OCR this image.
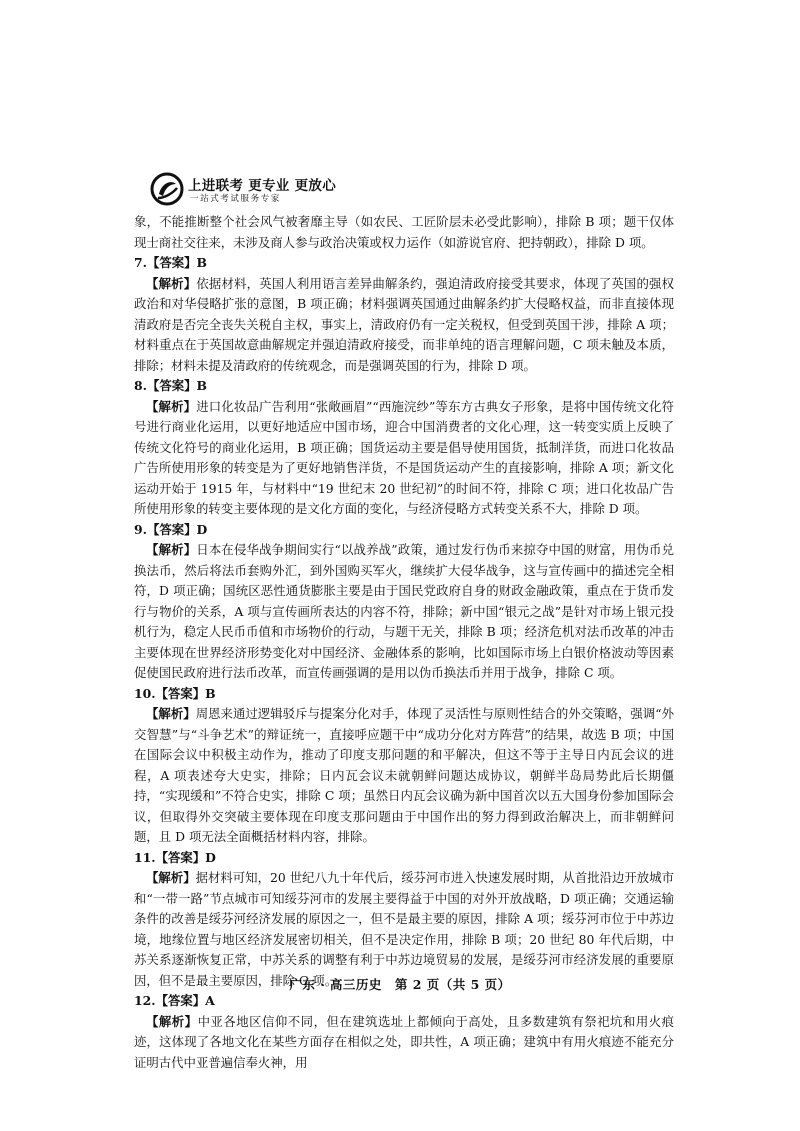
上进联考 更专业 更放心
一站式考试服务专家

象，不能推断整个社会风气被奢靡主导（如农民、工匠阶层未必受此影响），排除 B 项；题干仅体现士商社交往来，未涉及商人参与政治决策或权力运作（如游说官府、把持朝政），排除 D 项。

7.【答案】B

【解析】依据材料，英国人利用语言差异曲解条约，强迫清政府接受其要求，体现了英国的强权政治和对华侵略扩张的意图，B 项正确；材料强调英国通过曲解条约扩大侵略权益，而非直接体现清政府是否完全丧失关税自主权，事实上，清政府仍有一定关税权，但受到英国干涉，排除 A 项；材料重点在于英国故意曲解规定并强迫清政府接受，而非单纯的语言理解问题，C 项未触及本质，排除；材料未提及清政府的传统观念，而是强调英国的行为，排除 D 项。

8.【答案】B

【解析】进口化妆品广告利用“张敞画眉”“西施浣纱”等东方古典女子形象，是将中国传统文化符号进行商业化运用，以更好地适应中国市场，迎合中国消费者的文化心理，这一转变实质上反映了传统文化符号的商业化运用，B 项正确；国货运动主要是倡导使用国货，抵制洋货，而进口化妆品广告所使用形象的转变是为了更好地销售洋货，不是国货运动产生的直接影响，排除 A 项；新文化运动开始于 1915 年，与材料中“19 世纪末 20 世纪初”的时间不符，排除 C 项；进口化妆品广告所使用形象的转变主要体现的是文化方面的变化，与经济侵略方式转变关系不大，排除 D 项。

9.【答案】D

【解析】日本在侵华战争期间实行“以战养战”政策，通过发行伪币来掠夺中国的财富，用伪币兑换法币，然后将法币套购外汇，到外国购买军火，继续扩大侵华战争，这与宣传画中的描述完全相符，D 项正确；国统区恶性通货膨胀主要是由于国民党政府自身的财政金融政策，重点在于货币发行与物价的关系，A 项与宣传画所表达的内容不符，排除；新中国“银元之战”是针对市场上银元投机行为，稳定人民币币值和市场物价的行动，与题干无关，排除 B 项；经济危机对法币改革的冲击主要体现在世界经济形势变化对中国经济、金融体系的影响，比如国际市场上白银价格波动等因素促使国民政府进行法币改革，而宣传画强调的是用以伪币换法币并用于战争，排除 C 项。

10.【答案】B

【解析】周恩来通过逻辑驳斥与提案分化对手，体现了灵活性与原则性结合的外交策略，强调“外交智慧”与“斗争艺术”的辩证统一，直接呼应题干中“成功分化对方阵营”的结果，故选 B 项；中国在国际会议中积极主动作为，推动了印度支那问题的和平解决，但这不等于主导日内瓦会议的进程，A 项表述夸大史实，排除；日内瓦会议未就朝鲜问题达成协议，朝鲜半岛局势此后长期僵持，“实现缓和”不符合史实，排除 C 项；虽然日内瓦会议确为新中国首次以五大国身份参加国际会议，但取得外交突破主要体现在印度支那问题由于中国作出的努力得到政治解决上，而非朝鲜问题，且 D 项无法全面概括材料内容，排除。

11.【答案】D

【解析】据材料可知，20 世纪八九十年代后，绥芬河市进入快速发展时期，从首批沿边开放城市和“一带一路”节点城市可知绥芬河市的发展主要得益于中国的对外开放战略，D 项正确；交通运输条件的改善是绥芬河经济发展的原因之一，但不是最主要的原因，排除 A 项；绥芬河市位于中苏边境，地缘位置与地区经济发展密切相关，但不是决定作用，排除 B 项；20 世纪 80 年代后期，中苏关系逐渐恢复正常，中苏关系的调整有利于中苏边境贸易的发展，是绥芬河市经济发展的重要原因，但不是最主要原因，排除 C 项。

12.【答案】A

【解析】中亚各地区信仰不同，但在建筑选址上都倾向于高处，且多数建筑有祭祀坑和用火痕迹，这体现了各地文化在某些方面存在相似之处，即共性，A 项正确；建筑中有用火痕迹不能充分证明古代中亚普遍信奉火神，用

广东 · 高三历史　第 2 页（共 5 页）
